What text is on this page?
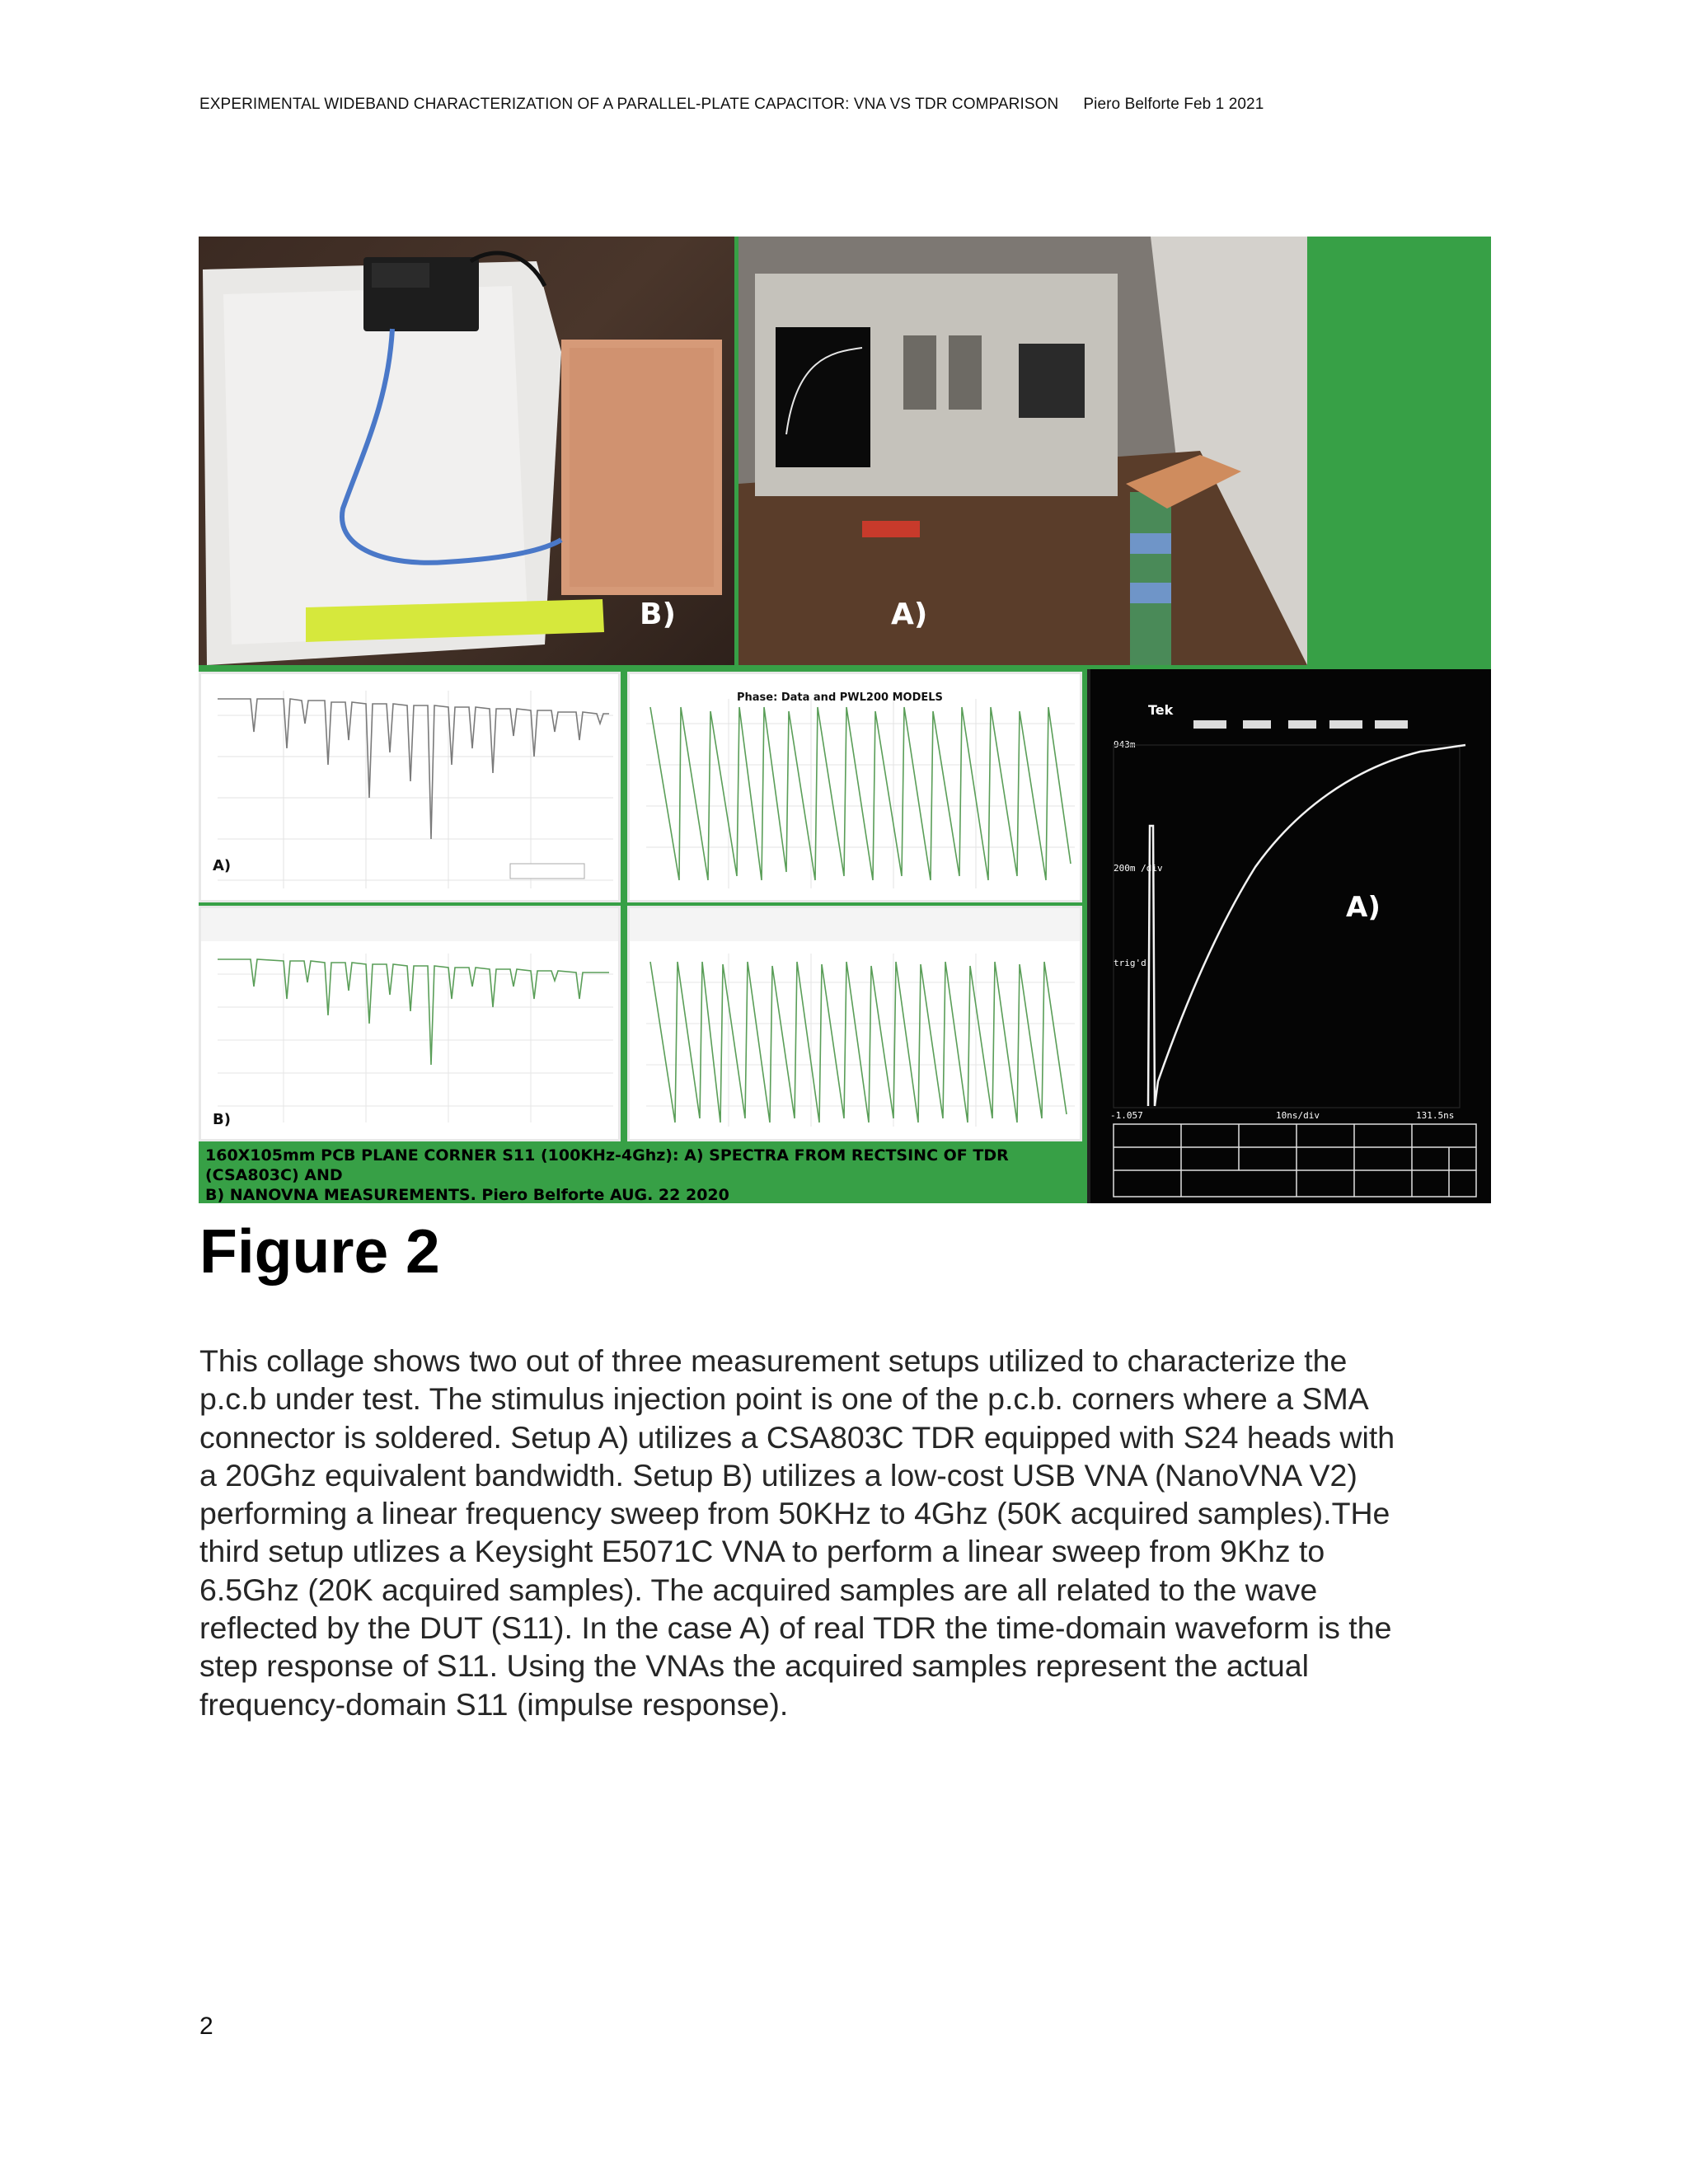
EXPERIMENTAL WIDEBAND CHARACTERIZATION OF A PARALLEL-PLATE CAPACITOR: VNA VS TDR COMPARISON Piero Belforte Feb 1 2021
B)	A)
A)
Phase: Data and PWL200 MODELS
B)
Tek
943m
200m /div
trig'd
A)
-1.057	10ns/div	131.5ns
160X105mm PCB PLANE CORNER S11 (100KHz-4Ghz): A) SPECTRA FROM RECTSINC OF TDR (CSA803C) AND
B) NANOVNA MEASUREMENTS. Piero Belforte AUG. 22 2020
Figure 2
This collage shows two out of three measurement setups utilized to characterize the
p.c.b under test. The stimulus injection point is one of the p.c.b. corners where a SMA
connector is soldered. Setup A) utilizes a CSA803C TDR equipped with S24 heads with
a 20Ghz equivalent bandwidth. Setup B) utilizes a low-cost USB VNA (NanoVNA V2)
performing a linear frequency sweep from 50KHz to 4Ghz (50K acquired samples).THe
third setup utlizes a Keysight E5071C VNA to perform a linear sweep from 9Khz to
6.5Ghz (20K acquired samples). The acquired samples are all related to the wave
reflected by the DUT (S11). In the case A) of real TDR the time-domain waveform is the
step response of S11. Using the VNAs the acquired samples represent the actual
frequency-domain S11 (impulse response).
2
